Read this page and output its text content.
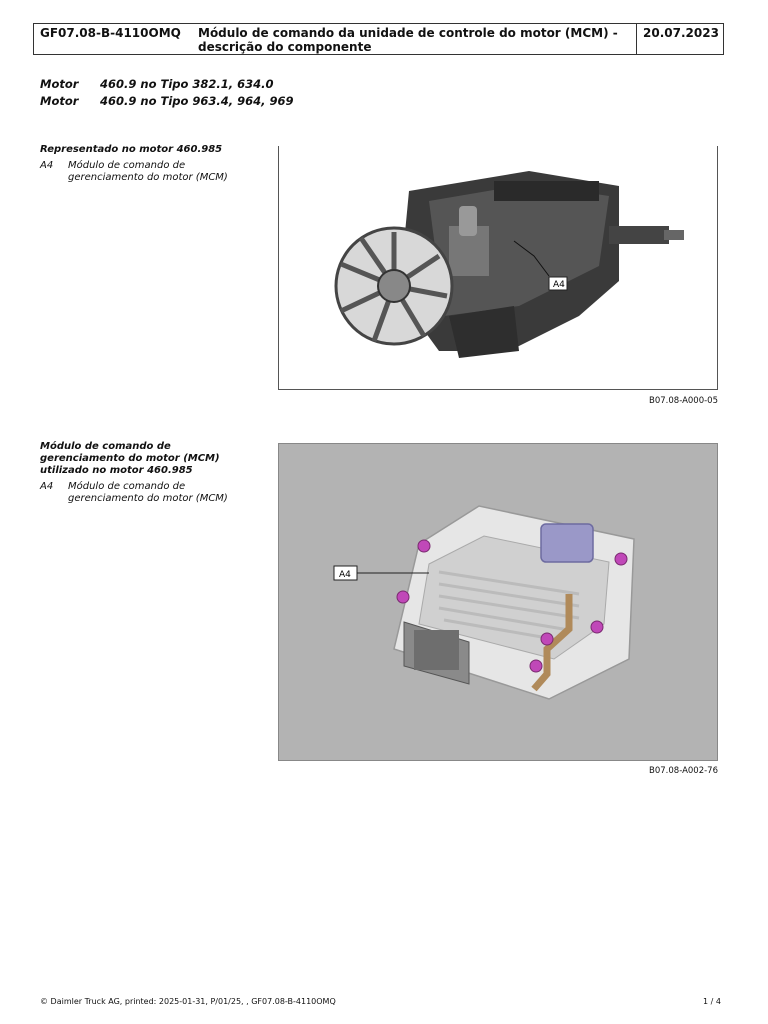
GF07.08-B-4110OMQ	Módulo de comando da unidade de controle do motor (MCM) - descrição do componente
20.07.2023
Motor 460.9 no Tipo 382.1, 634.0
Motor 460.9 no Tipo 963.4, 964, 969
Representado no motor 460.985
A4	Módulo de comando de gerenciamento do motor (MCM)
A4
B07.08-A000-05
Módulo de comando de gerenciamento do motor (MCM) utilizado no motor 460.985
A4	Módulo de comando de gerenciamento do motor (MCM)
A4
B07.08-A002-76
© Daimler Truck AG, printed: 2025-01-31, P/01/25, , GF07.08-B-4110OMQ	1 / 4
